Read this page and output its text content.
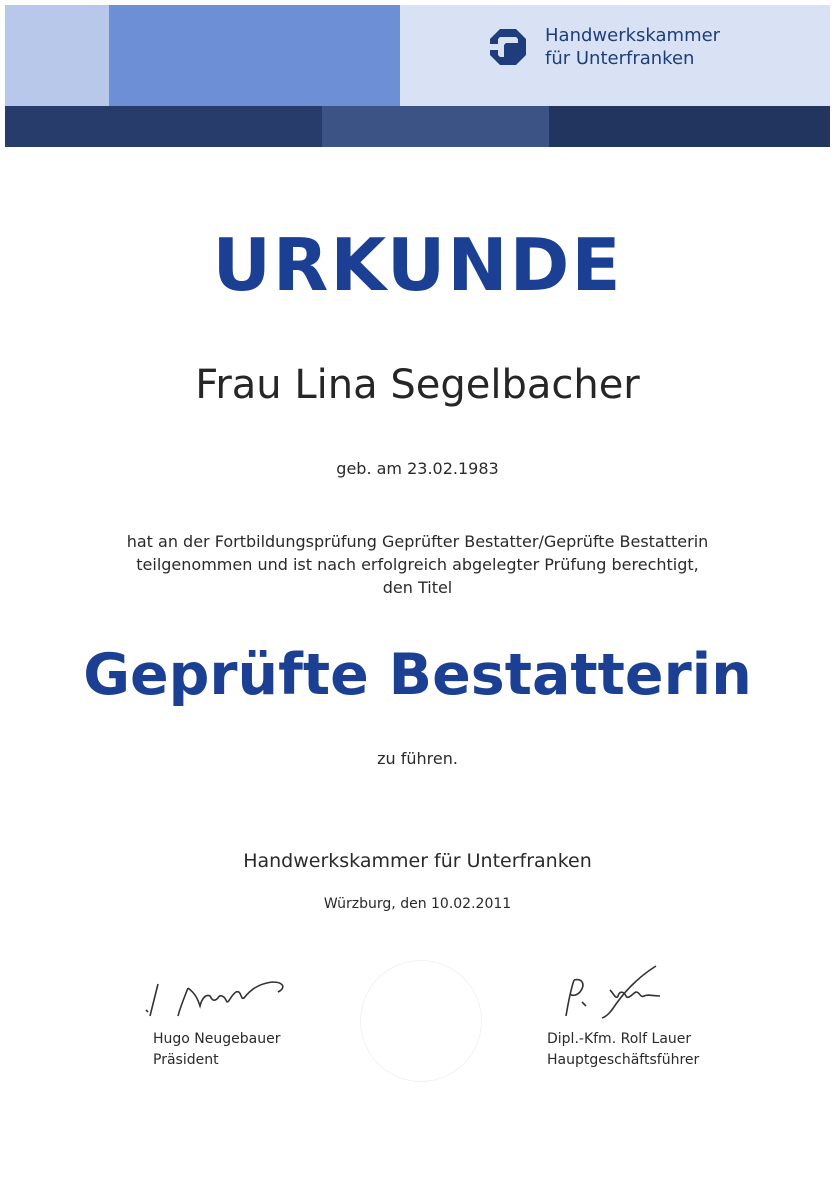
Handwerkskammer
für Unterfranken
URKUNDE
Frau Lina Segelbacher
geb. am 23.02.1983
hat an der Fortbildungsprüfung Geprüfter Bestatter/Geprüfte Bestatterin
teilgenommen und ist nach erfolgreich abgelegter Prüfung berechtigt,
den Titel
Geprüfte Bestatterin
zu führen.
Handwerkskammer für Unterfranken
Würzburg, den 10.02.2011
Hugo Neugebauer
Präsident
Dipl.-Kfm. Rolf Lauer
Hauptgeschäftsführer
